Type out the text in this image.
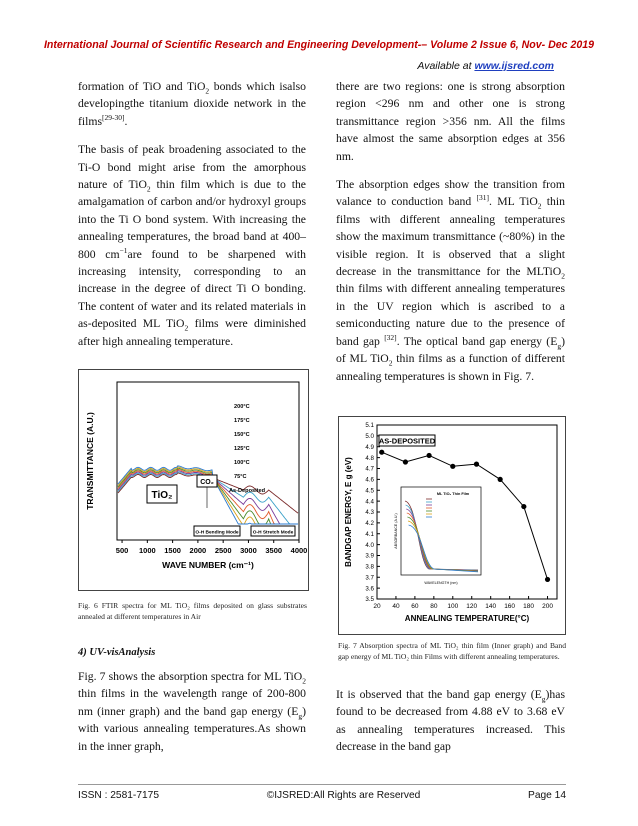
International Journal of Scientific Research and Engineering Development-– Volume 2 Issue 6, Nov- Dec 2019
Available at www.ijsred.com

formation of TiO and TiO$_2$ bonds which isalso developingthe titanium dioxide network in the films[29-30].

The basis of peak broadening associated to the Ti-O bond might arise from the amorphous nature of TiO$_2$ thin film which is due to the amalgamation of carbon and/or hydroxyl groups into the Ti O bond system. With increasing the annealing temperatures, the broad band at 400–800 $cm^{-1}are$ found to be sharpened with increasing intensity, corresponding to an increase in the degree of direct Ti O bonding. The content of water and its related materials in as-deposited ML TiO$_2$ films were diminished after high annealing temperature.

500 1000 1500 2000 2500 3000 3500 4000
WAVE NUMBER (cm⁻¹)
TRANSMITTANCE (A.U.)
200°C
175°C
150°C
125°C
100°C
75°C
As-Deposited
TiO₂
CO₂
O-H Bending Mode	O-H Stretch Mode
Fig. 6 FTIR spectra for ML TiO₂ films deposited on glass substrates annealed at different temperatures in Air
4) UV-visAnalysis

Fig. 7 shows the absorption spectra for ML TiO$_2$ thin films in the wavelength range of 200-800 nm (inner graph) and the band gap energy $(E_g)$ with various annealing temperatures.As shown in the inner graph,

there are two regions: one is strong absorption region <296 nm and other one is strong transmittance region >356 nm. All the films have almost the same absorption edges at 356 nm.

The absorption edges show the transition from valance to conduction band [31]. ML TiO$_2$ thin films with different annealing temperatures show the maximum transmittance (~80%) in the visible region. It is observed that a slight decrease in the transmittance for the MLTiO$_2$ thin films with different annealing temperatures in the UV region which is ascribed to a semiconducting nature due to the presence of band gap [32]. The optical band gap energy $(E_g)$ of ML TiO$_2$ thin films as a function of different annealing temperatures is shown in Fig. 7.

3.5
3.6
3.7
3.8
3.9
4.0
4.1
4.2
4.3
4.4
4.5
4.6
4.7
4.8
4.9
5.0
5.1
20 40 60 80 100 120 140 160 180 200
ANNEALING TEMPERATURE(°C)
BANDGAP ENERGY, E g (eV)	ML TiO₂ Thin Film
WAVELENGTH (nm)
ABSORBANCE (A.U.)
AS-DEPOSITED
Fig. 7 Absorption spectra of ML TiO₂ thin film (Inner graph) and Band gap energy of ML TiO₂ thin Films with different annealing temperatures.

It is observed that the band gap energy $(E_g)has$ found to be decreased from 4.88 eV to 3.68 eV as annealing temperatures increased. This decrease in the band gap

ISSN : 2581-7175	©IJSRED:All Rights are Reserved	Page 14
